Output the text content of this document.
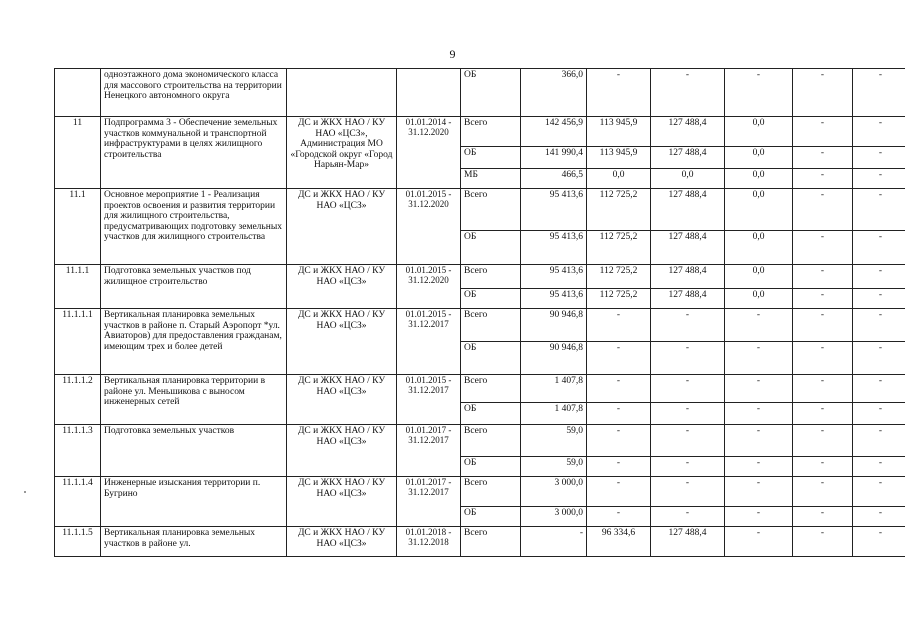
9
	одноэтажного дома экономического класса для массового строительства на территории Ненецкого автономного округа			ОБ	366,0	-	-	-	-	-
11	Подпрограмма 3 - Обеспечение земельных участков коммунальной и транспортной инфраструктурами в целях жилищного строительства	ДС и ЖКХ НАО / КУ НАО «ЦСЗ», Администрация МО «Городской округ «Город Нарьян-Мар»	01.01.2014 - 31.12.2020	Всего	142 456,9	113 945,9	127 488,4	0,0	-	-
				ОБ	141 990,4	113 945,9	127 488,4	0,0	-	-
				МБ	466,5	0,0	0,0	0,0	-	-
11.1	Основное мероприятие 1 - Реализация проектов освоения и развития территории для жилищного строительства, предусматривающих подготовку земельных участков для жилищного строительства	ДС и ЖКХ НАО / КУ НАО «ЦСЗ»	01.01.2015 - 31.12.2020	Всего	95 413,6	112 725,2	127 488,4	0,0	-	-
				ОБ	95 413,6	112 725,2	127 488,4	0,0	-	-
11.1.1	Подготовка земельных участков под жилищное строительство	ДС и ЖКХ НАО / КУ НАО «ЦСЗ»	01.01.2015 - 31.12.2020	Всего	95 413,6	112 725,2	127 488,4	0,0	-	-
				ОБ	95 413,6	112 725,2	127 488,4	0,0	-	-
11.1.1.1	Вертикальная планировка земельных участков в районе п. Старый Аэропорт *ул. Авиаторов) для предоставления гражданам, имеющим трех и более детей	ДС и ЖКХ НАО / КУ НАО «ЦСЗ»	01.01.2015 - 31.12.2017	Всего	90 946,8	-	-	-	-	-
				ОБ	90 946,8	-	-	-	-	-
11.1.1.2	Вертикальная планировка территории в районе ул. Меньшикова с выносом инженерных сетей	ДС и ЖКХ НАО / КУ НАО «ЦСЗ»	01.01.2015 - 31.12.2017	Всего	1 407,8	-	-	-	-	-
				ОБ	1 407,8	-	-	-	-	-
11.1.1.3	Подготовка земельных участков	ДС и ЖКХ НАО / КУ НАО «ЦСЗ»	01.01.2017 - 31.12.2017	Всего	59,0	-	-	-	-	-
				ОБ	59,0	-	-	-	-	-
11.1.1.4	Инженерные изыскания территории п. Бугрино	ДС и ЖКХ НАО / КУ НАО «ЦСЗ»	01.01.2017 - 31.12.2017	Всего	3 000,0	-	-	-	-	-
				ОБ	3 000,0	-	-	-	-	-
11.1.1.5	Вертикальная планировка земельных участков в районе ул.	ДС и ЖКХ НАО / КУ НАО «ЦСЗ»	01.01.2018 - 31.12.2018	Всего	-	96 334,6	127 488,4	-	-	-
